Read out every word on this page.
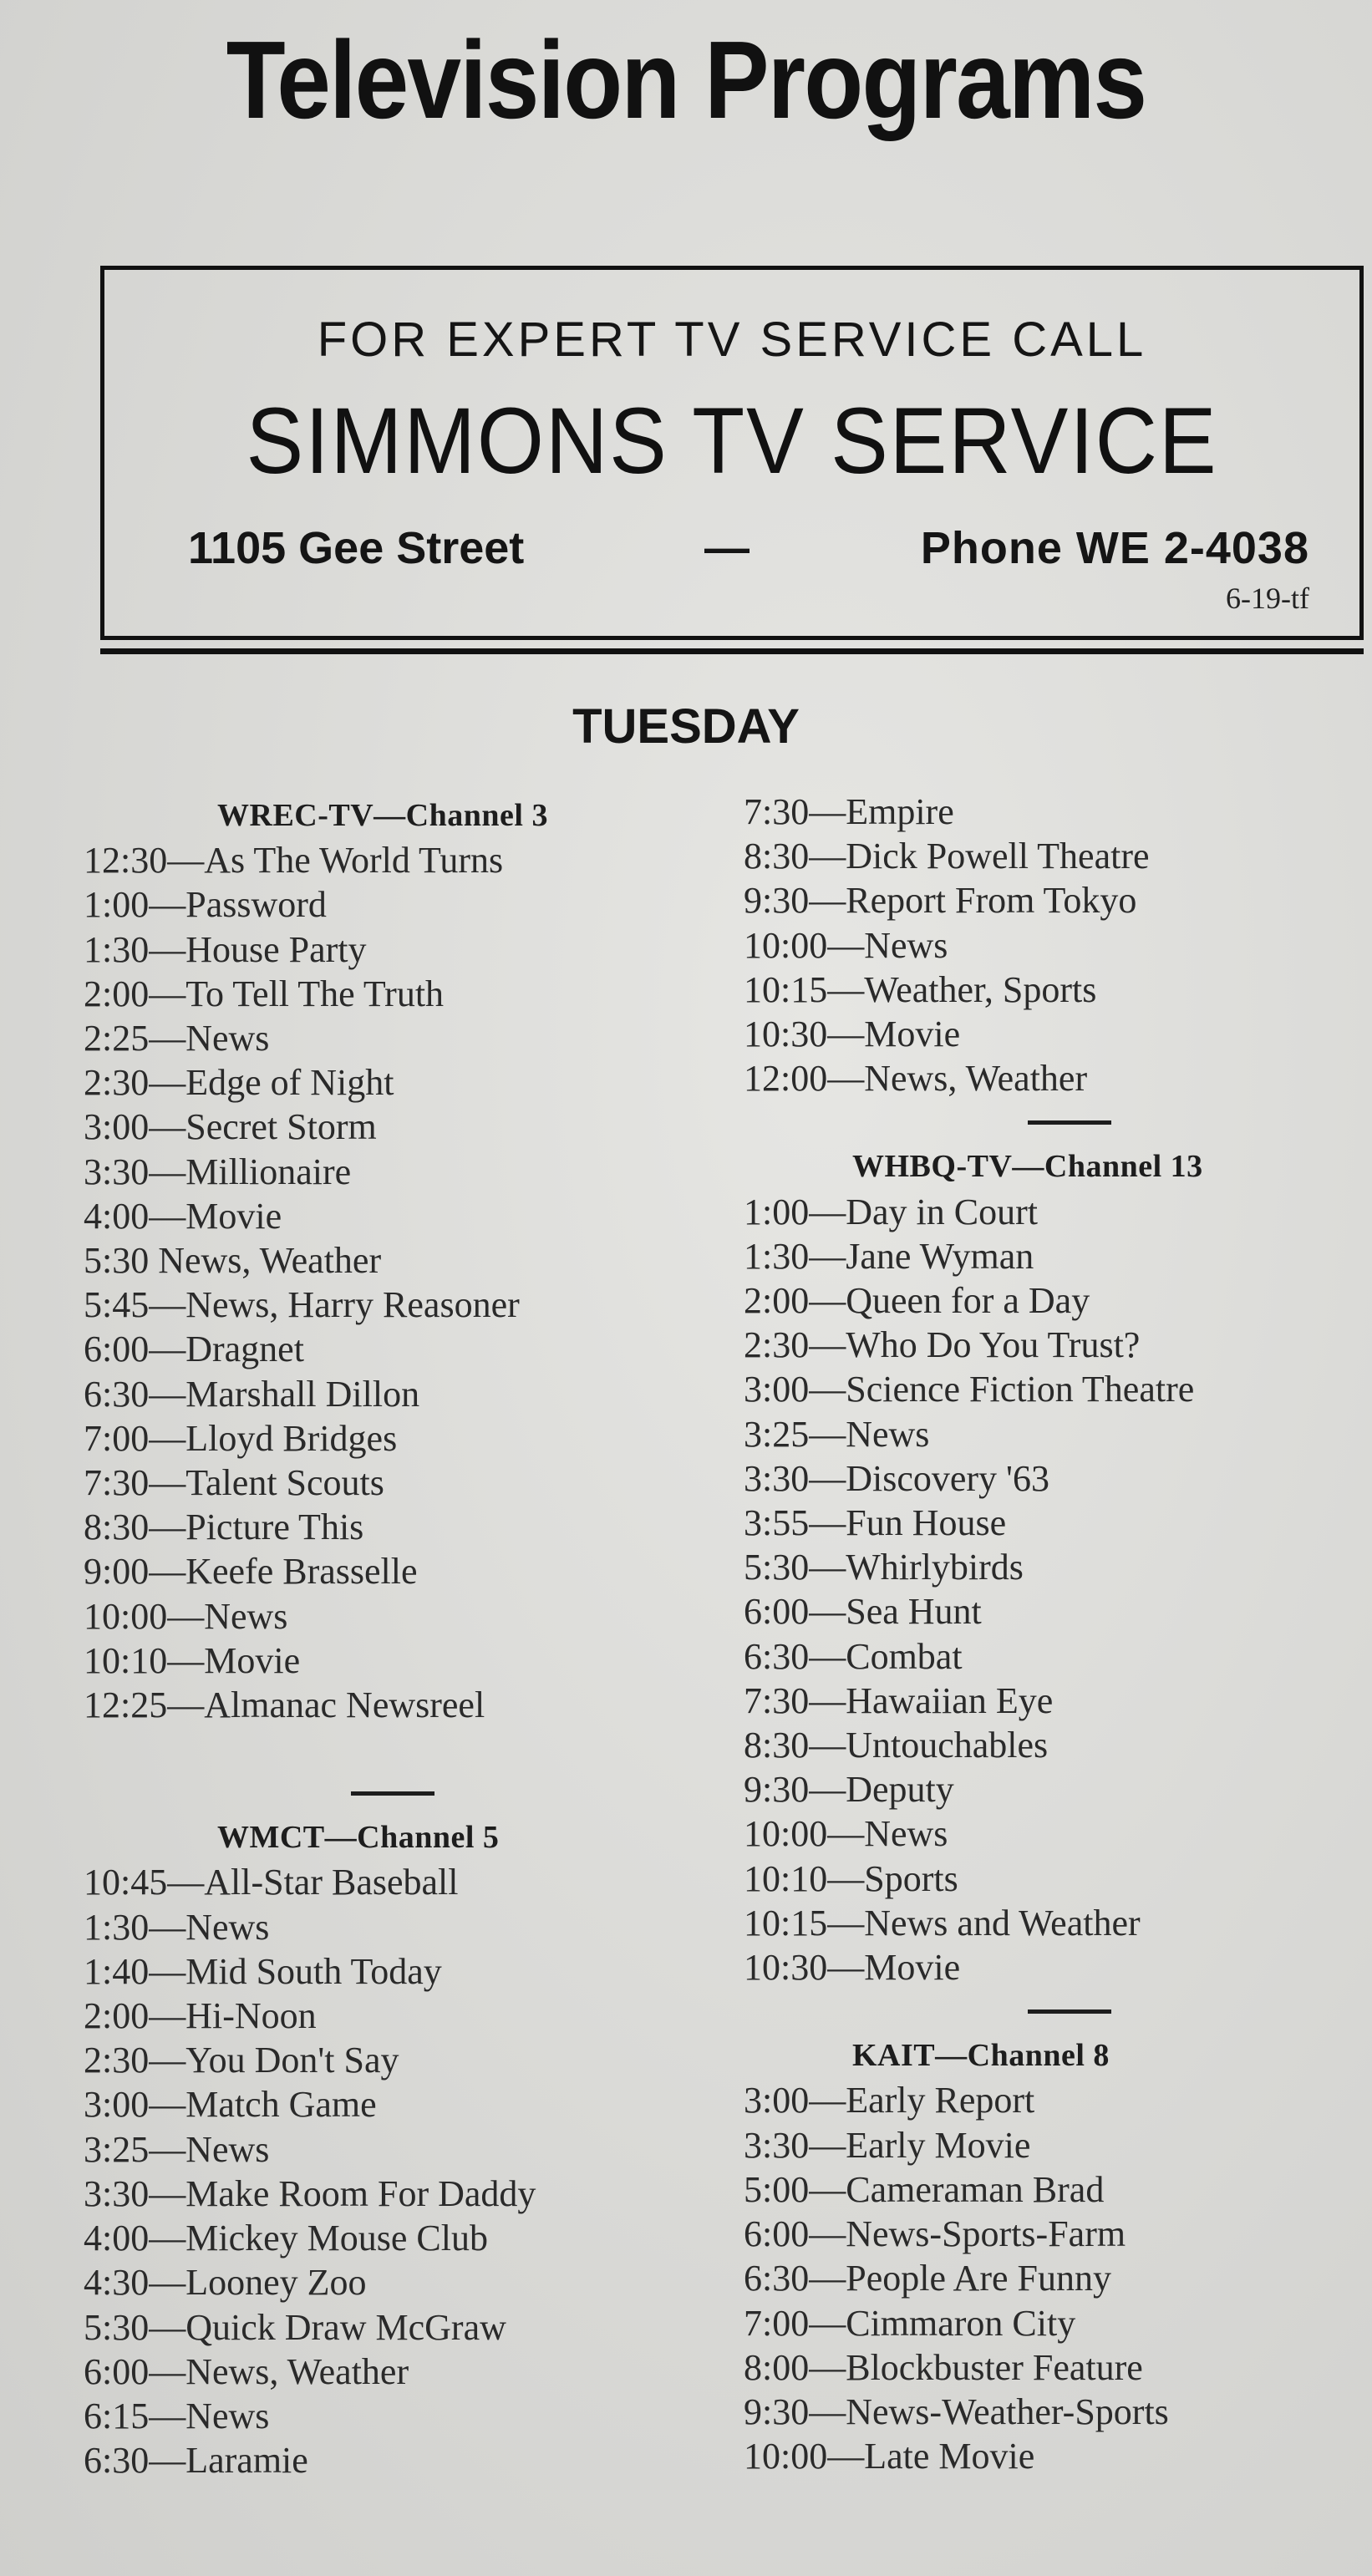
Television Programs
FOR EXPERT TV SERVICE CALL
SIMMONS TV SERVICE
1105 Gee Street	—	Phone WE 2-4038
6-19-tf
TUESDAY
WREC-TV—Channel 3
12:30—As The World Turns
1:00—Password
1:30—House Party
2:00—To Tell The Truth
2:25—News
2:30—Edge of Night
3:00—Secret Storm
3:30—Millionaire
4:00—Movie
5:30 News, Weather
5:45—News, Harry Reasoner
6:00—Dragnet
6:30—Marshall Dillon
7:00—Lloyd Bridges
7:30—Talent Scouts
8:30—Picture This
9:00—Keefe Brasselle
10:00—News
10:10—Movie
12:25—Almanac Newsreel
WMCT—Channel 5
10:45—All-Star Baseball
1:30—News
1:40—Mid South Today
2:00—Hi-Noon
2:30—You Don't Say
3:00—Match Game
3:25—News
3:30—Make Room For Daddy
4:00—Mickey Mouse Club
4:30—Looney Zoo
5:30—Quick Draw McGraw
6:00—News, Weather
6:15—News
6:30—Laramie
7:30—Empire
8:30—Dick Powell Theatre
9:30—Report From Tokyo
10:00—News
10:15—Weather, Sports
10:30—Movie
12:00—News, Weather
WHBQ-TV—Channel 13
1:00—Day in Court
1:30—Jane Wyman
2:00—Queen for a Day
2:30—Who Do You Trust?
3:00—Science Fiction Theatre
3:25—News
3:30—Discovery '63
3:55—Fun House
5:30—Whirlybirds
6:00—Sea Hunt
6:30—Combat
7:30—Hawaiian Eye
8:30—Untouchables
9:30—Deputy
10:00—News
10:10—Sports
10:15—News and Weather
10:30—Movie
KAIT—Channel 8
3:00—Early Report
3:30—Early Movie
5:00—Cameraman Brad
6:00—News-Sports-Farm
6:30—People Are Funny
7:00—Cimmaron City
8:00—Blockbuster Feature
9:30—News-Weather-Sports
10:00—Late Movie
